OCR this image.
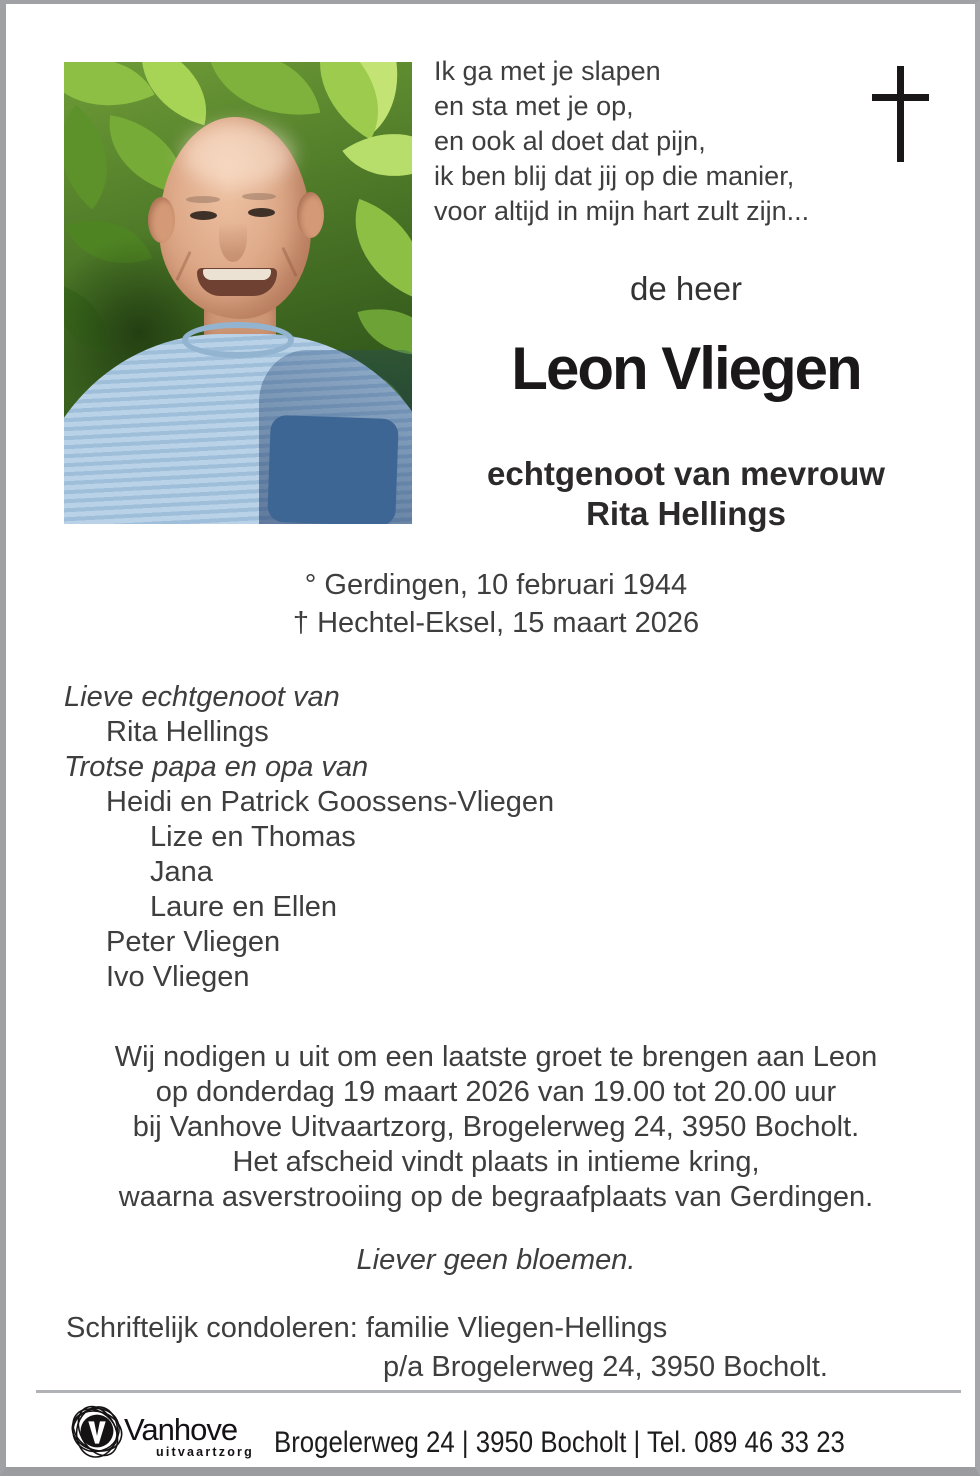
Ik ga met je slapen
en sta met je op,
en ook al doet dat pijn,
ik ben blij dat jij op die manier,
voor altijd in mijn hart zult zijn...
de heer
Leon Vliegen
echtgenoot van mevrouw
Rita Hellings
° Gerdingen, 10 februari 1944
† Hechtel-Eksel, 15 maart 2026
Lieve echtgenoot van
Rita Hellings
Trotse papa en opa van
Heidi en Patrick Goossens-Vliegen
Lize en Thomas
Jana
Laure en Ellen
Peter Vliegen
Ivo Vliegen
Wij nodigen u uit om een laatste groet te brengen aan Leon
op donderdag 19 maart 2026 van 19.00 tot 20.00 uur
bij Vanhove Uitvaartzorg, Brogelerweg 24, 3950 Bocholt.
Het afscheid vindt plaats in intieme kring,
waarna asverstrooiing op de begraafplaats van Gerdingen.
Liever geen bloemen.
Schriftelijk condoleren: familie Vliegen-Hellings
p/a Brogelerweg 24, 3950 Bocholt.
Vanhove
uitvaartzorg Brogelerweg 24 | 3950 Bocholt | Tel. 089 46 33 23
